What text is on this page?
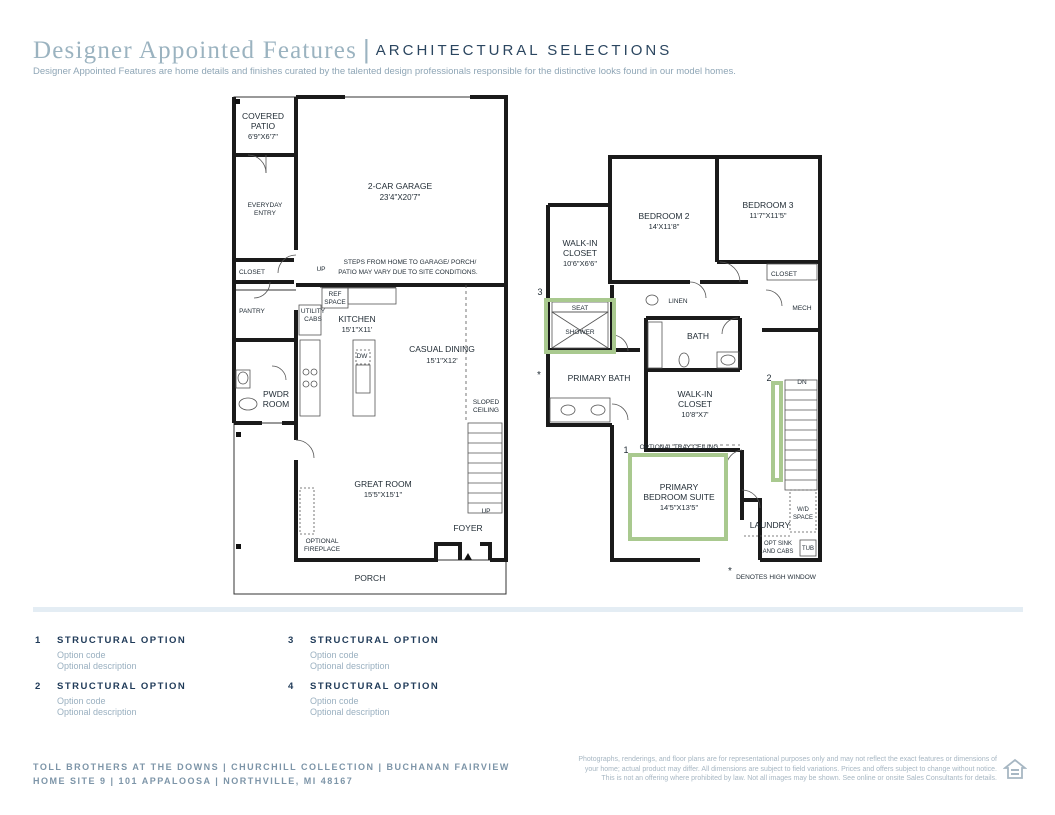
Designer Appointed Features | ARCHITECTURAL SELECTIONS
Designer Appointed Features are home details and finishes curated by the talented design professionals responsible for the distinctive looks found in our model homes.
COVERED
PATIO
6'9"X6'7"
2-CAR GARAGE
23'4"X20'7"
EVERYDAY
ENTRY
CLOSET	UP
STEPS FROM HOME TO GARAGE/ PORCH/
PATIO MAY VARY DUE TO SITE CONDITIONS.
PANTRY
REF
SPACE
UTILITY
CABS KITCHEN
15'1"X11'
DW
CASUAL DINING
15'1"X12'
PWDR
ROOM	SLOPED
CEILING
GREAT ROOM
15'5"X15'1"
UP
OPTIONAL
FIREPLACE
FOYER
PORCH
1
2
3
BEDROOM 2
14'X11'8"
BEDROOM 3
11'7"X11'5"
WALK-IN
CLOSET
10'6"X6'6"
CLOSET
LINEN
MECH
SEAT
SHOWER	BATH
PRIMARY BATH
WALK-IN
CLOSET
10'8"X7'
DN
OPTIONAL TRAY CEILING
PRIMARY
BEDROOM SUITE
14'5"X13'5"	W/D
SPACE
LAUNDRY
OPT SINK
AND CABS TUB
*
*
DENOTES HIGH WINDOW
1 STRUCTURAL OPTION
Option code
Optional description
2 STRUCTURAL OPTION
Option code
Optional description
3 STRUCTURAL OPTION
Option code
Optional description
4 STRUCTURAL OPTION
Option code
Optional description
TOLL BROTHERS AT THE DOWNS | CHURCHILL COLLECTION | BUCHANAN FAIRVIEW
HOME SITE 9 | 101 APPALOOSA | NORTHVILLE, MI 48167
Photographs, renderings, and floor plans are for representational purposes only and may not reflect the exact features or dimensions of
your home; actual product may differ. All dimensions are subject to field variations. Prices and offers subject to change without notice.
This is not an offering where prohibited by law. Not all images may be shown. See online or onsite Sales Consultants for details.
